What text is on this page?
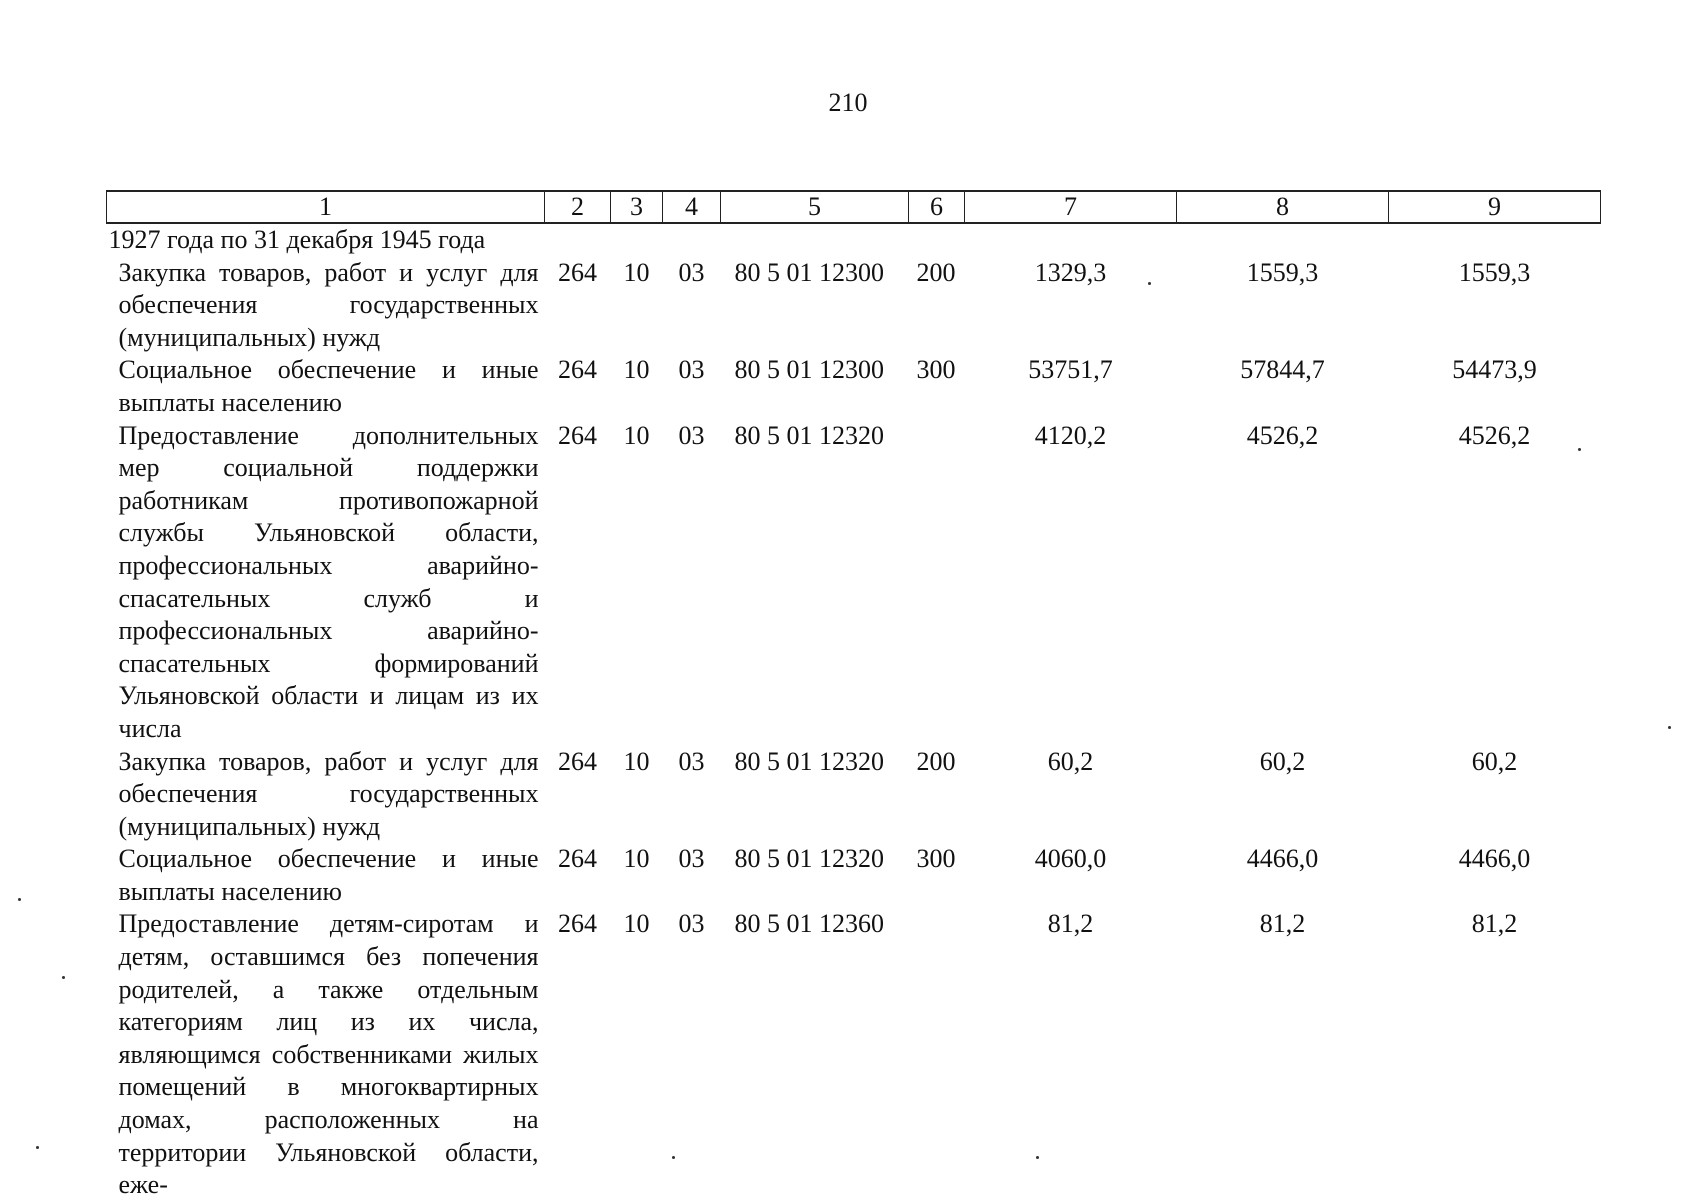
210
1	2	3	4	5	6	7	8	9
1927 года по 31 декабря 1945 года								
Закупка товаров, работ и услуг для обеспечения государственных (муниципальных) нужд	264	10	03	80 5 01 12300	200	1329,3	1559,3	1559,3
Социальное обеспечение и иные выплаты населению	264	10	03	80 5 01 12300	300	53751,7	57844,7	54473,9
Предоставление дополнительных мер социальной поддержки работникам противопожарной службы Ульяновской области, профессиональных аварийно-спасательных служб и профессиональных аварийно-спасательных формирований Ульяновской области и лицам из их числа	264	10	03	80 5 01 12320		4120,2	4526,2	4526,2
Закупка товаров, работ и услуг для обеспечения государственных (муниципальных) нужд	264	10	03	80 5 01 12320	200	60,2	60,2	60,2
Социальное обеспечение и иные выплаты населению	264	10	03	80 5 01 12320	300	4060,0	4466,0	4466,0
Предоставление детям-сиротам и детям, оставшимся без попечения родителей, а также отдельным категориям лиц из их числа, являющимся собственниками жилых помещений в многоквартирных домах, расположенных на территории Ульяновской области, еже-	264	10	03	80 5 01 12360		81,2	81,2	81,2
